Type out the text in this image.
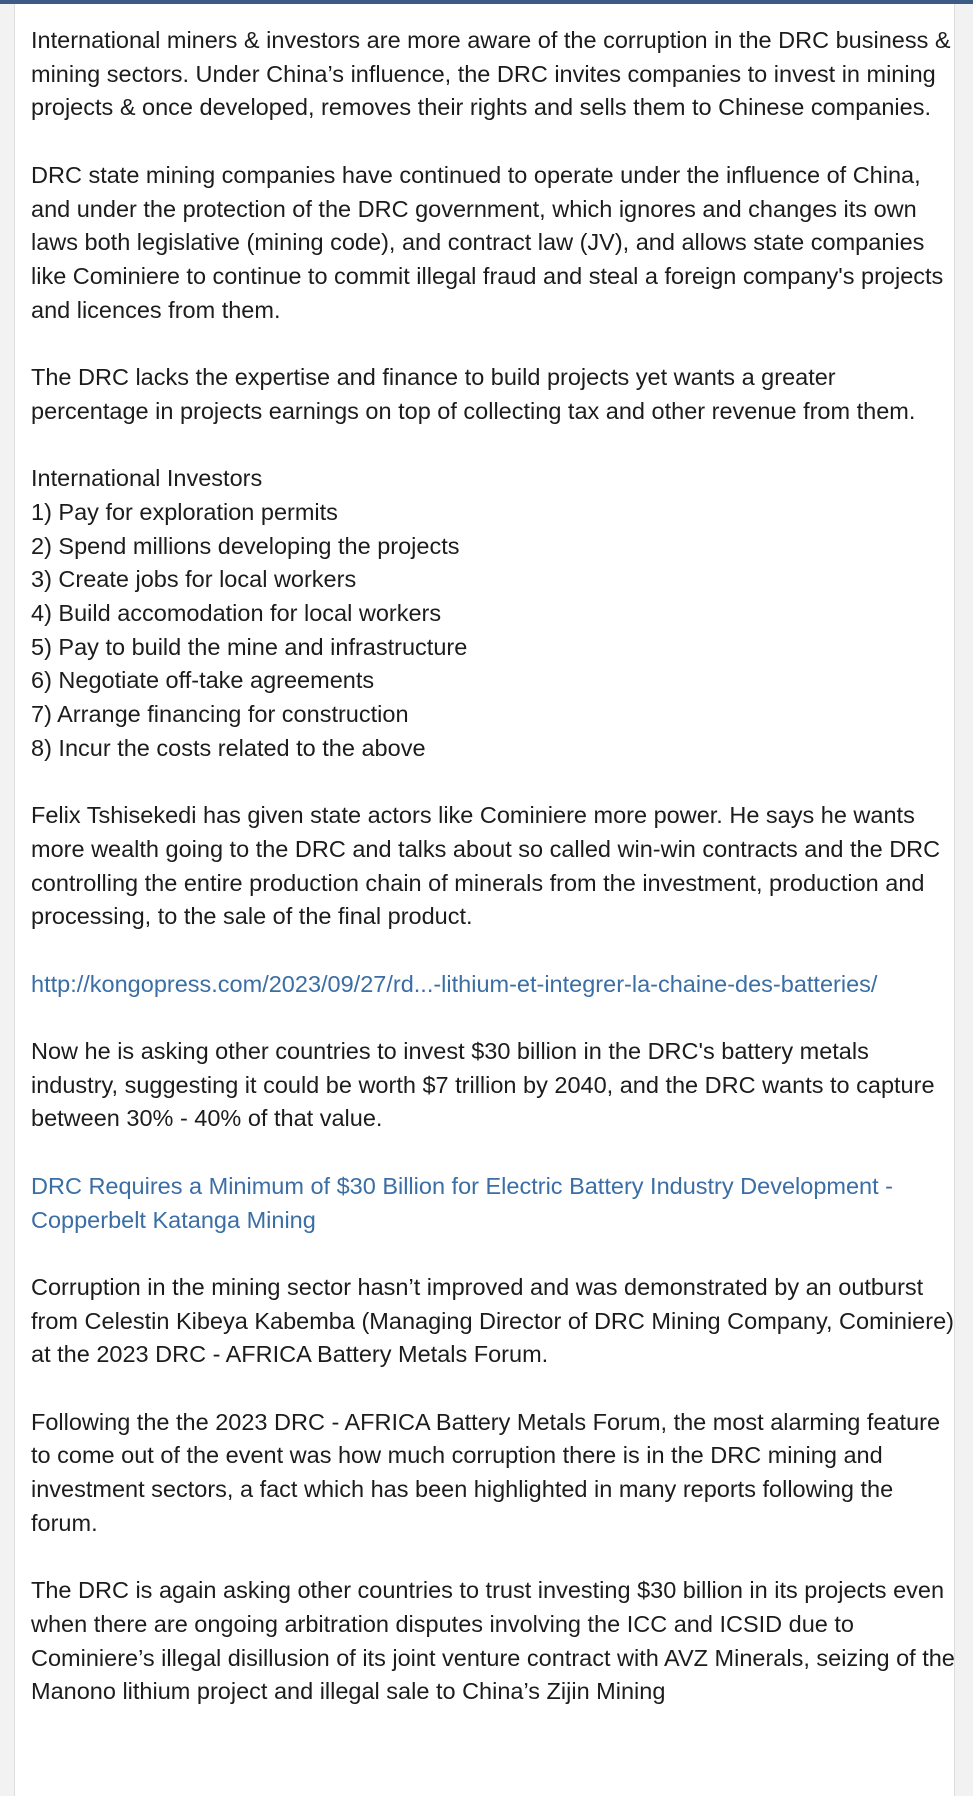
International miners & investors are more aware of the corruption in the DRC business & mining sectors. Under China’s influence, the DRC invites companies to invest in mining projects & once developed, removes their rights and sells them to Chinese companies.

DRC state mining companies have continued to operate under the influence of China, and under the protection of the DRC government, which ignores and changes its own laws both legislative (mining code), and contract law (JV), and allows state companies like Cominiere to continue to commit illegal fraud and steal a foreign company's projects and licences from them.

The DRC lacks the expertise and finance to build projects yet wants a greater percentage in projects earnings on top of collecting tax and other revenue from them.

International Investors
1) Pay for exploration permits
2) Spend millions developing the projects
3) Create jobs for local workers
4) Build accomodation for local workers
5) Pay to build the mine and infrastructure
6) Negotiate off-take agreements
7) Arrange financing for construction
8) Incur the costs related to the above

Felix Tshisekedi has given state actors like Cominiere more power. He says he wants more wealth going to the DRC and talks about so called win-win contracts and the DRC controlling the entire production chain of minerals from the investment, production and processing, to the sale of the final product.

http://kongopress.com/2023/09/27/rd...-lithium-et-integrer-la-chaine-des-batteries/

Now he is asking other countries to invest $30 billion in the DRC's battery metals industry, suggesting it could be worth $7 trillion by 2040, and the DRC wants to capture between 30% - 40% of that value.

DRC Requires a Minimum of $30 Billion for Electric Battery Industry Development - Copperbelt Katanga Mining

Corruption in the mining sector hasn’t improved and was demonstrated by an outburst from Celestin Kibeya Kabemba (Managing Director of DRC Mining Company, Cominiere) at the 2023 DRC - AFRICA Battery Metals Forum.

Following the the 2023 DRC - AFRICA Battery Metals Forum, the most alarming feature to come out of the event was how much corruption there is in the DRC mining and investment sectors, a fact which has been highlighted in many reports following the forum.

The DRC is again asking other countries to trust investing $30 billion in its projects even when there are ongoing arbitration disputes involving the ICC and ICSID due to Cominiere’s illegal disillusion of its joint venture contract with AVZ Minerals, seizing of the Manono lithium project and illegal sale to China’s Zijin Mining
